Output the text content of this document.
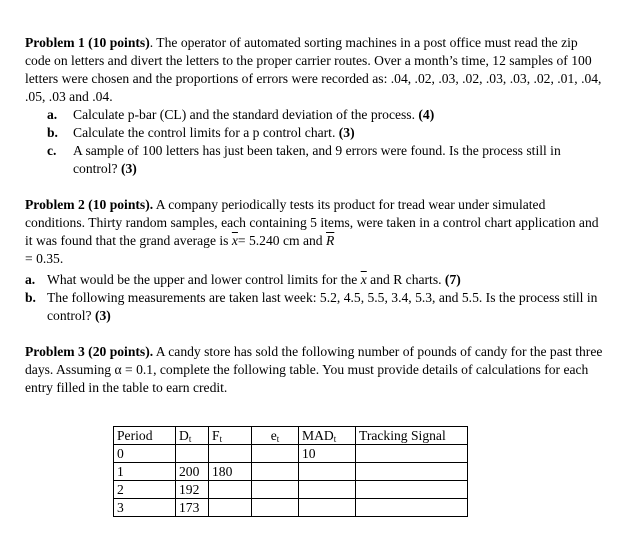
Problem 1 (10 points). The operator of automated sorting machines in a post office must read the zip code on letters and divert the letters to the proper carrier routes. Over a month’s time, 12 samples of 100 letters were chosen and the proportions of errors were recorded as: .04, .02, .03, .02, .03, .03, .02, .01, .04, .05, .03 and .04.

a. Calculate p-bar (CL) and the standard deviation of the process. (4)
b. Calculate the control limits for a p control chart. (3)
c. A sample of 100 letters has just been taken, and 9 errors were found. Is the process still in control? (3)

Problem 2 (10 points). A company periodically tests its product for tread wear under simulated conditions. Thirty random samples, each containing 5 items, were taken in a control chart application and it was found that the grand average is $\overline{x}= 5.240$ cm and $\overline{R}$
= 0.35.

a. What would be the upper and lower control limits for the $\overline{x}$ and R charts. (7)
b. The following measurements are taken last week: 5.2, 4.5, 5.5, 3.4, 5.3, and 5.5. Is the process still in control? (3)

Problem 3 (20 points). A candy store has sold the following number of pounds of candy for the past three days. Assuming α = 0.1, complete the following table. You must provide details of calculations for each entry filled in the table to earn credit.

Period	$D_t$	$F_t$	$e_t$	$MAD_t$	Tracking Signal
0				10	
1	200	180			
2	192				
3	173				
